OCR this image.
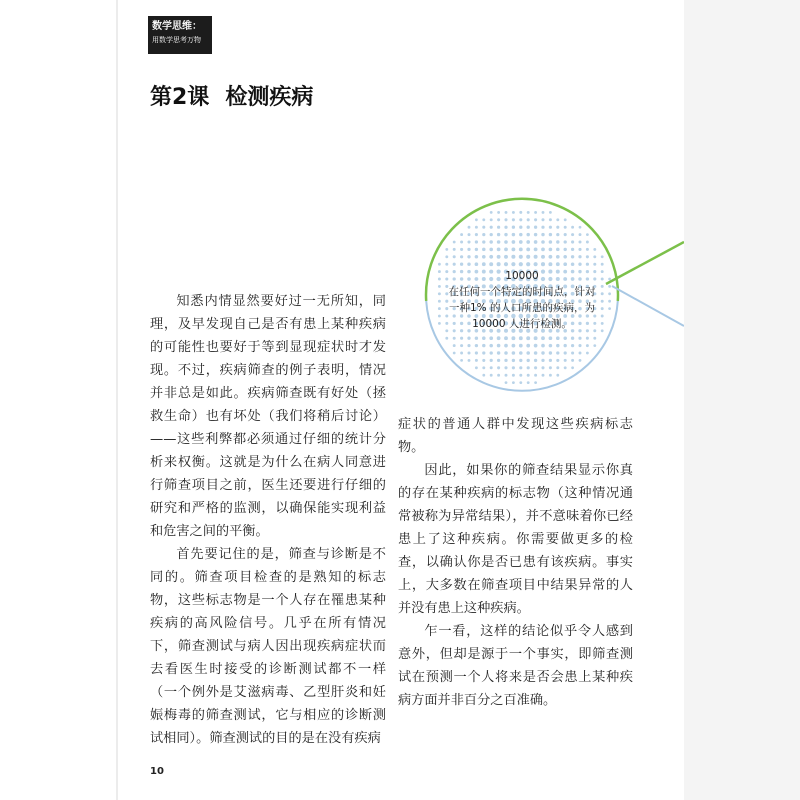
数学思维：
用数学思考万物
第2课 检测疾病
10000
在任何一个特定的时间点，针对
一种1% 的人口所患的疾病，为
10000 人进行检测。

知悉内情显然要好过一无所知，同理，及早发现自己是否有患上某种疾病的可能性也要好于等到显现症状时才发现。不过，疾病筛查的例子表明，情况并非总是如此。疾病筛查既有好处（拯救生命）也有坏处（我们将稍后讨论）——这些利弊都必须通过仔细的统计分析来权衡。这就是为什么在病人同意进行筛查项目之前，医生还要进行仔细的研究和严格的监测，以确保能实现利益和危害之间的平衡。

首先要记住的是，筛查与诊断是不同的。筛查项目检查的是熟知的标志物，这些标志物是一个人存在罹患某种疾病的高风险信号。几乎在所有情况下，筛查测试与病人因出现疾病症状而去看医生时接受的诊断测试都不一样（一个例外是艾滋病毒、乙型肝炎和妊娠梅毒的筛查测试，它与相应的诊断测试相同）。筛查测试的目的是在没有疾病

症状的普通人群中发现这些疾病标志物。

因此，如果你的筛查结果显示你真的存在某种疾病的标志物（这种情况通常被称为异常结果），并不意味着你已经患上了这种疾病。你需要做更多的检查，以确认你是否已患有该疾病。事实上，大多数在筛查项目中结果异常的人并没有患上这种疾病。

乍一看，这样的结论似乎令人感到意外，但却是源于一个事实，即筛查测试在预测一个人将来是否会患上某种疾病方面并非百分之百准确。

10
